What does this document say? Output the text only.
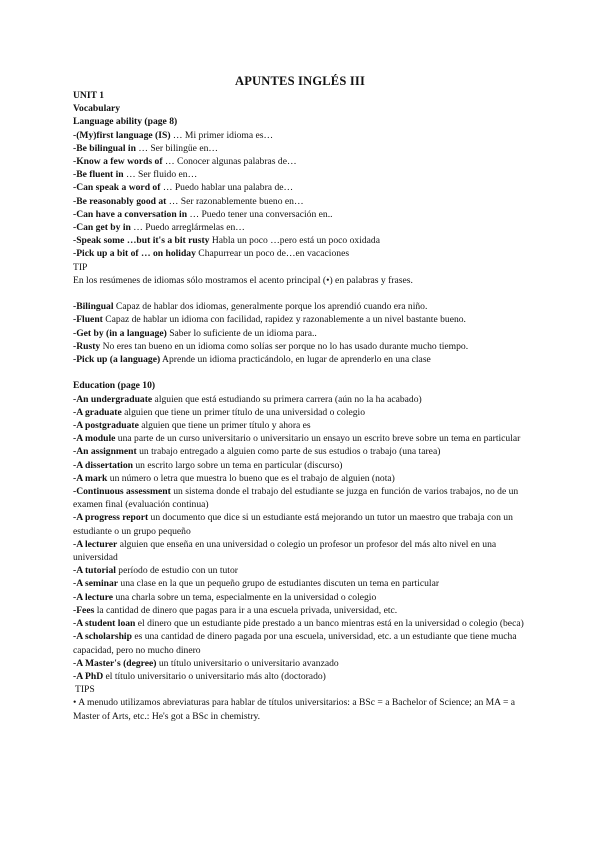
APUNTES INGLÉS III
UNIT 1
Vocabulary
Language ability (page 8)
-(My)first language (IS) … Mi primer idioma es…
-Be bilingual in … Ser bilingüe en…
-Know a few words of … Conocer algunas palabras de…
-Be fluent in … Ser fluido en…
-Can speak a word of … Puedo hablar una palabra de…
-Be reasonably good at … Ser razonablemente bueno en…
-Can have a conversation in … Puedo tener una conversación en..
-Can get by in … Puedo arreglármelas en…
-Speak some …but it's a bit rusty Habla un poco …pero está un poco oxidada
-Pick up a bit of … on holiday Chapurrear un poco de…en vacaciones
TIP
En los resúmenes de idiomas sólo mostramos el acento principal (•) en palabras y frases.
-Bilingual Capaz de hablar dos idiomas, generalmente porque los aprendió cuando era niño.
-Fluent Capaz de hablar un idioma con facilidad, rapidez y razonablemente a un nivel bastante bueno.
-Get by (in a language) Saber lo suficiente de un idioma para..
-Rusty No eres tan bueno en un idioma como solías ser porque no lo has usado durante mucho tiempo.
-Pick up (a language) Aprende un idioma practicándolo, en lugar de aprenderlo en una clase
Education (page 10)
-An undergraduate alguien que está estudiando su primera carrera (aún no la ha acabado)
-A graduate alguien que tiene un primer título de una universidad o colegio
-A postgraduate alguien que tiene un primer título y ahora es
-A module una parte de un curso universitario o universitario un ensayo un escrito breve sobre un tema en particular
-An assignment un trabajo entregado a alguien como parte de sus estudios o trabajo (una tarea)
-A dissertation un escrito largo sobre un tema en particular (discurso)
-A mark un número o letra que muestra lo bueno que es el trabajo de alguien (nota)
-Continuous assessment un sistema donde el trabajo del estudiante se juzga en función de varios trabajos, no de un examen final (evaluación continua)
-A progress report un documento que dice si un estudiante está mejorando un tutor un maestro que trabaja con un estudiante o un grupo pequeño
-A lecturer alguien que enseña en una universidad o colegio un profesor un profesor del más alto nivel en una universidad
-A tutorial período de estudio con un tutor
-A seminar una clase en la que un pequeño grupo de estudiantes discuten un tema en particular
-A lecture una charla sobre un tema, especialmente en la universidad o colegio
-Fees la cantidad de dinero que pagas para ir a una escuela privada, universidad, etc.
-A student loan el dinero que un estudiante pide prestado a un banco mientras está en la universidad o colegio (beca)
-A scholarship es una cantidad de dinero pagada por una escuela, universidad, etc. a un estudiante que tiene mucha capacidad, pero no mucho dinero
-A Master's (degree) un título universitario o universitario avanzado
-A PhD el título universitario o universitario más alto (doctorado)
TIPS
• A menudo utilizamos abreviaturas para hablar de títulos universitarios: a BSc = a Bachelor of Science; an MA = a Master of Arts, etc.: He's got a BSc in chemistry.
